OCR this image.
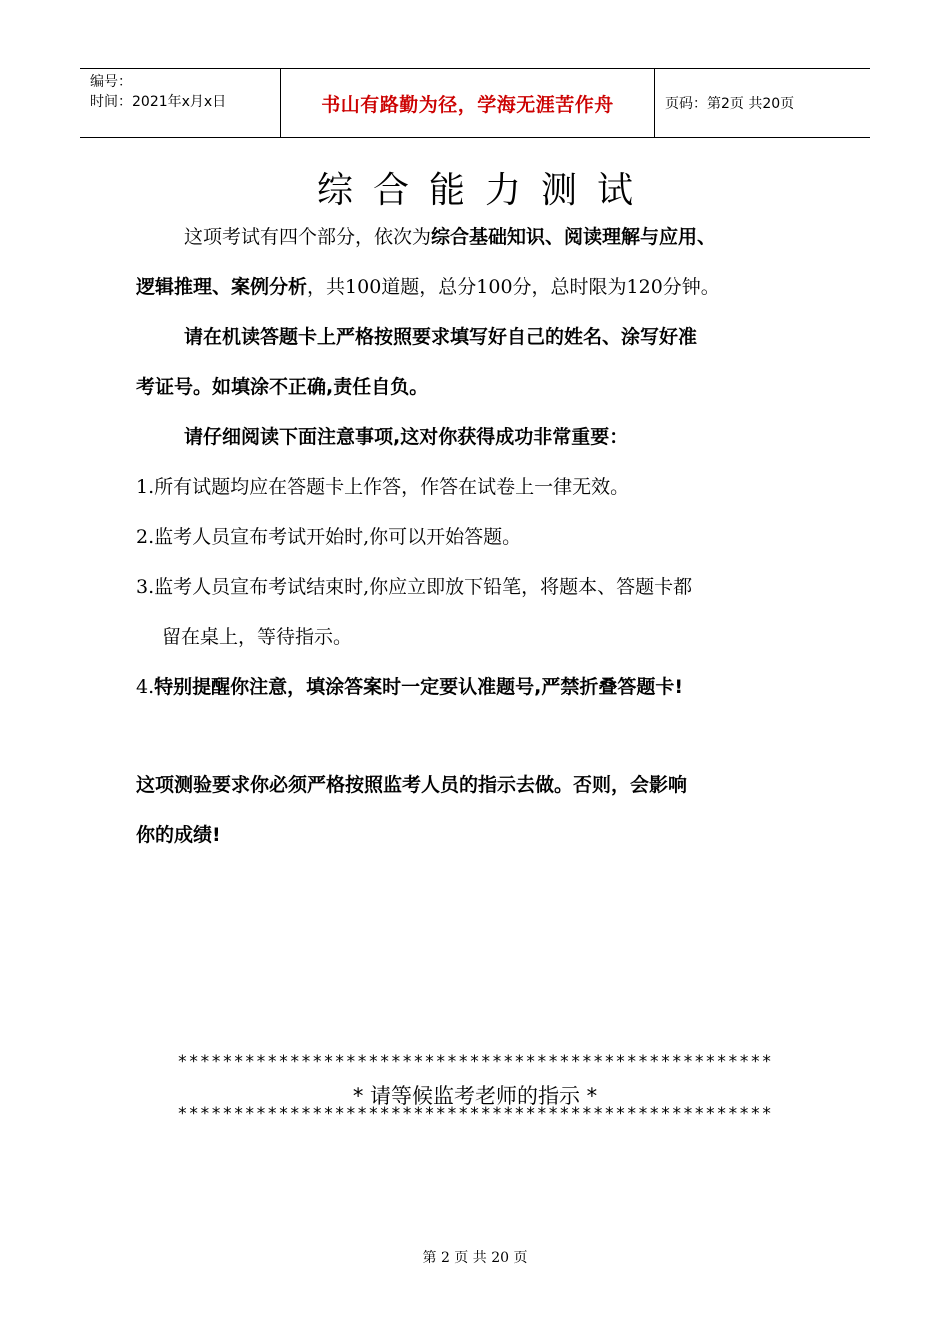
编号：
时间：2021年x月x日	书山有路勤为径，学海无涯苦作舟	页码：第2页 共20页
综合能力测试
这项考试有四个部分，依次为综合基础知识、阅读理解与应用、
逻辑推理、案例分析，共100道题，总分100分，总时限为120分钟。
请在机读答题卡上严格按照要求填写好自己的姓名、涂写好准
考证号。如填涂不正确,责任自负。
请仔细阅读下面注意事项,这对你获得成功非常重要：
1.所有试题均应在答题卡上作答，作答在试卷上一律无效。
2.监考人员宣布考试开始时,你可以开始答题。
3.监考人员宣布考试结束时,你应立即放下铅笔，将题本、答题卡都
留在桌上，等待指示。
4.特别提醒你注意，填涂答案时一定要认准题号,严禁折叠答题卡!
这项测验要求你必须严格按照监考人员的指示去做。否则，会影响
你的成绩!
*****************************************************
* 请等候监考老师的指示 *
*****************************************************
第 2 页 共 20 页
